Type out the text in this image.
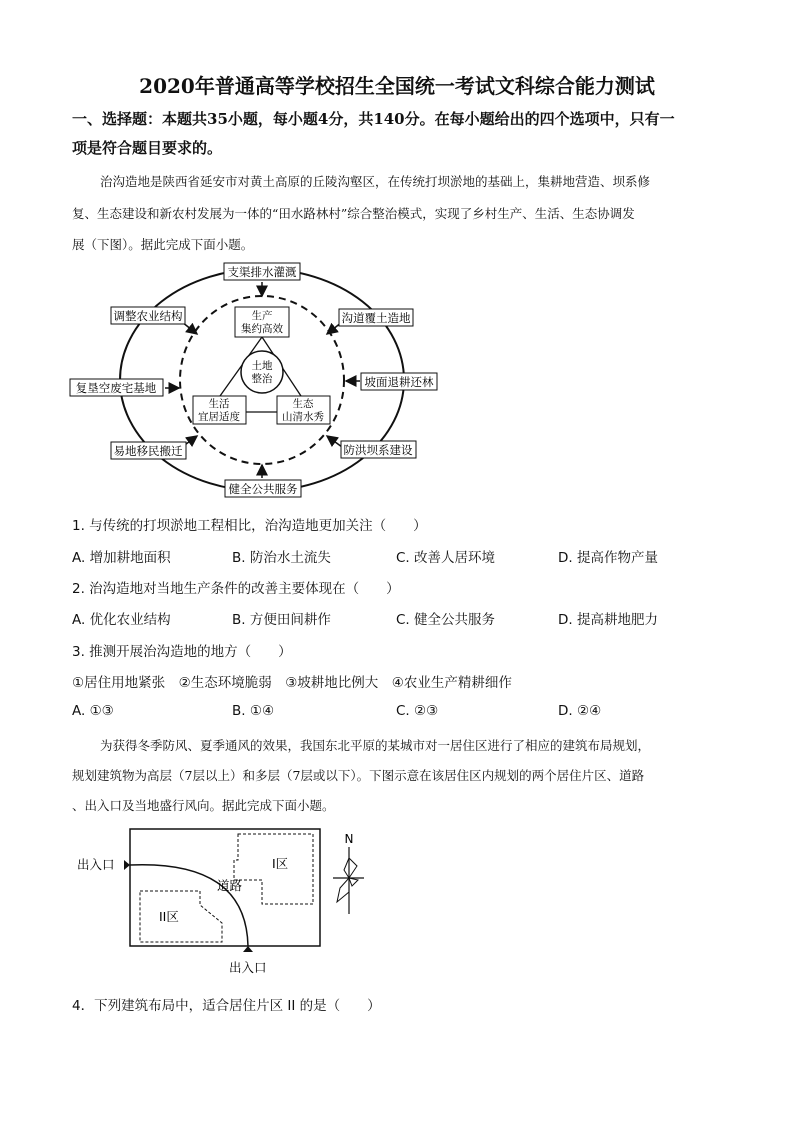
2020年普通高等学校招生全国统一考试文科综合能力测试
一、选择题：本题共35小题，每小题4分，共140分。在每小题给出的四个选项中，只有一
项是符合题目要求的。
治沟造地是陕西省延安市对黄土高原的丘陵沟壑区，在传统打坝淤地的基础上，集耕地营造、坝系修
复、生态建设和新农村发展为一体的“田水路林村”综合整治模式，实现了乡村生产、生活、生态协调发
展（下图）。据此完成下面小题。
支渠排水灌溉
调整农业结构	沟道覆土造地
复垦空废宅基地	坡面退耕还林
易地移民搬迁	防洪坝系建设
健全公共服务
土地
整治
生产
集约高效
生活
宜居适度
生态
山清水秀
1. 与传统的打坝淤地工程相比，治沟造地更加关注（　　）
A. 增加耕地面积	B. 防治水土流失	C. 改善人居环境	D. 提高作物产量
2. 治沟造地对当地生产条件的改善主要体现在（　　）
A. 优化农业结构	B. 方便田间耕作	C. 健全公共服务	D. 提高耕地肥力
3. 推测开展治沟造地的地方（　　）
①居住用地紧张　②生态环境脆弱　③坡耕地比例大　④农业生产精耕细作
A. ①③	B. ①④	C. ②③	D. ②④
为获得冬季防风、夏季通风的效果，我国东北平原的某城市对一居住区进行了相应的建筑布局规划，
规划建筑物为高层（7层以上）和多层（7层或以下）。下图示意在该居住区内规划的两个居住片区、道路
、出入口及当地盛行风向。据此完成下面小题。
出入口
出入口
道路
I区
II区
N
4．下列建筑布局中，适合居住片区 II 的是（　　）
